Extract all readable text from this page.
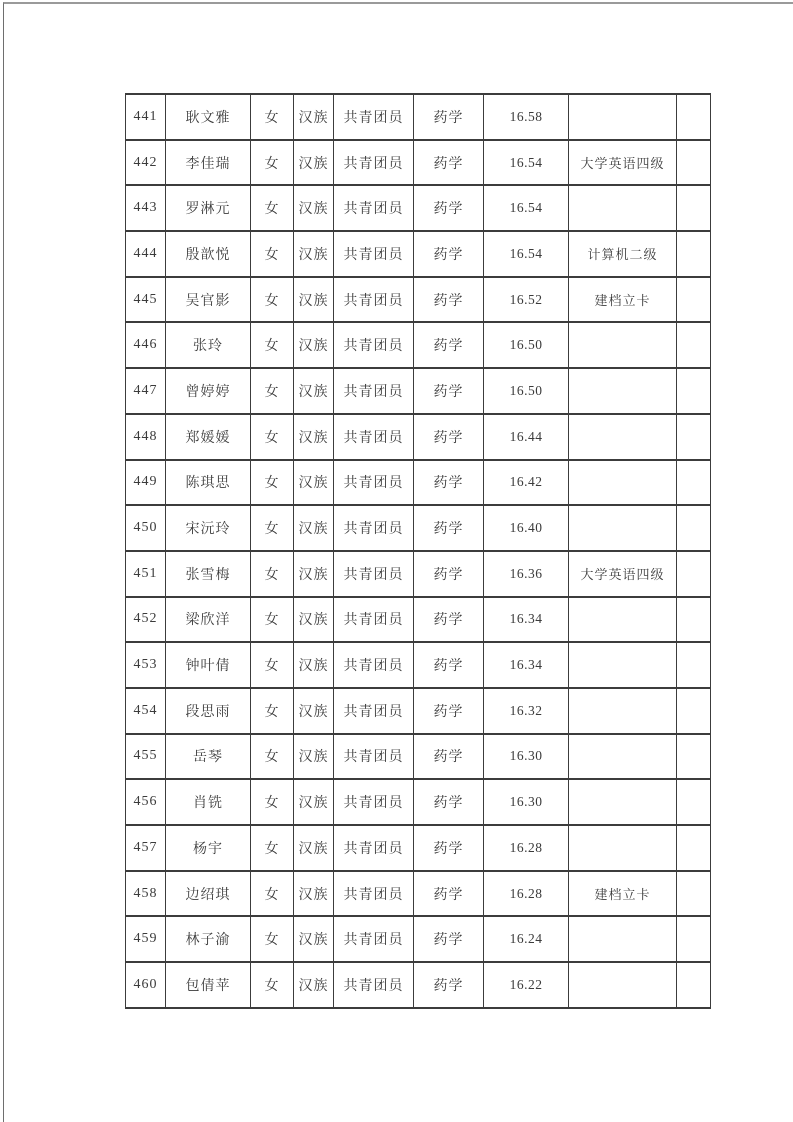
441	耿文雅	女	汉族	共青团员	药学	16.58		
442	李佳瑞	女	汉族	共青团员	药学	16.54	大学英语四级	
443	罗淋元	女	汉族	共青团员	药学	16.54		
444	殷歆悦	女	汉族	共青团员	药学	16.54	计算机二级	
445	吴官影	女	汉族	共青团员	药学	16.52	建档立卡	
446	张玲	女	汉族	共青团员	药学	16.50		
447	曾婷婷	女	汉族	共青团员	药学	16.50		
448	郑媛媛	女	汉族	共青团员	药学	16.44		
449	陈琪思	女	汉族	共青团员	药学	16.42		
450	宋沅玲	女	汉族	共青团员	药学	16.40		
451	张雪梅	女	汉族	共青团员	药学	16.36	大学英语四级	
452	梁欣洋	女	汉族	共青团员	药学	16.34		
453	钟叶倩	女	汉族	共青团员	药学	16.34		
454	段思雨	女	汉族	共青团员	药学	16.32		
455	岳琴	女	汉族	共青团员	药学	16.30		
456	肖铣	女	汉族	共青团员	药学	16.30		
457	杨宇	女	汉族	共青团员	药学	16.28		
458	边绍琪	女	汉族	共青团员	药学	16.28	建档立卡	
459	林子渝	女	汉族	共青团员	药学	16.24		
460	包倩苹	女	汉族	共青团员	药学	16.22		
